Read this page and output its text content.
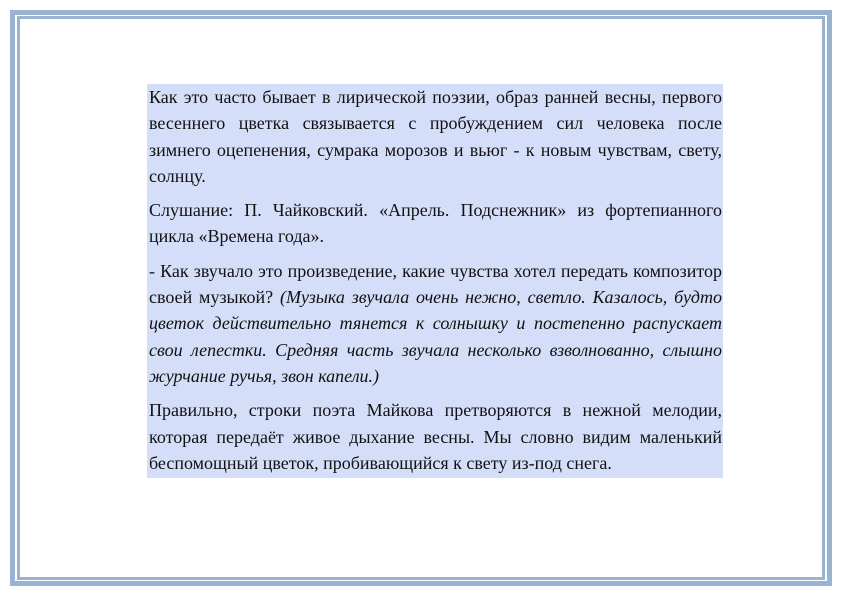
Как это часто бывает в лирической поэзии, образ ранней весны, первого весеннего цветка связывается с пробуждением сил человека после зимнего оцепенения, сумрака морозов и вьюг - к новым чувствам, свету, солнцу.

Слушание: П. Чайковский. «Апрель. Подснежник» из фортепианного цикла «Времена года».

- Как звучало это произведение, какие чувства хотел передать композитор своей музыкой? (Музыка звучала очень нежно, светло. Казалось, будто цветок действительно тянется к солнышку и постепенно распускает свои лепестки. Средняя часть звучала несколько взволнованно, слышно журчание ручья, звон капели.)

Правильно, строки поэта Майкова претворяются в нежной мелодии, которая передаёт живое дыхание весны. Мы словно видим маленький беспомощный цветок, пробивающийся к свету из-под снега.
